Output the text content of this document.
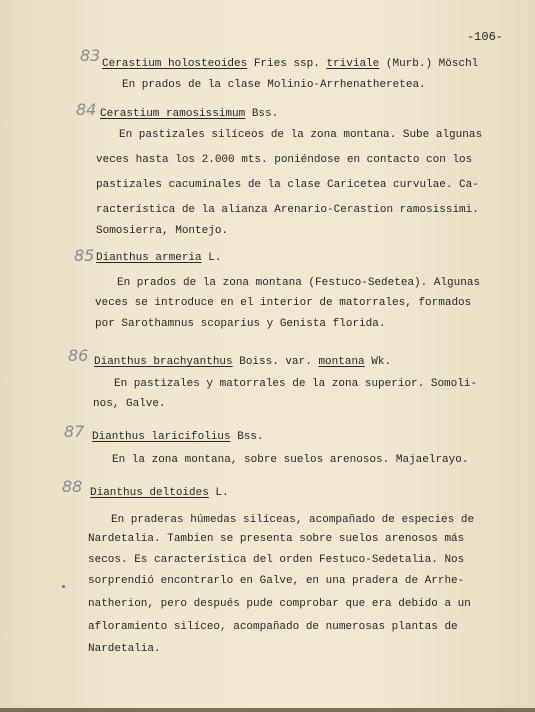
-106-
83 Cerastium holosteoides Fries ssp. triviale (Murb.) Möschl
En prados de la clase Molinio-Arrhenatheretea.
84 Cerastium ramosissimum Bss.
En pastizales silíceos de la zona montana. Sube algunas
veces hasta los 2.000 mts. poniéndose en contacto con los
pastizales cacuminales de la clase Caricetea curvulae. Ca-
racterística de la alianza Arenario-Cerastion ramosissimi.
Somosierra, Montejo.
85 Dianthus armeria L.
En prados de la zona montana (Festuco-Sedetea). Algunas
veces se introduce en el interior de matorrales, formados
por Sarothamnus scoparius y Genista florida.
86 Dianthus brachyanthus Boiss. var. montana Wk.
En pastizales y matorrales de la zona superior. Somoli-
nos, Galve.
87 Dianthus laricifolius Bss.
En la zona montana, sobre suelos arenosos. Majaelrayo.
88 Dianthus deltoides L.
En praderas húmedas silíceas, acompañado de especies de
Nardetalia. Tambien se presenta sobre suelos arenosos más
secos. Es característica del orden Festuco-Sedetalia. Nos
sorprendió encontrarlo en Galve, en una pradera de Arrhe-
natherion, pero después pude comprobar que era debido a un
afloramiento silíceo, acompañado de numerosas plantas de
Nardetalia.
